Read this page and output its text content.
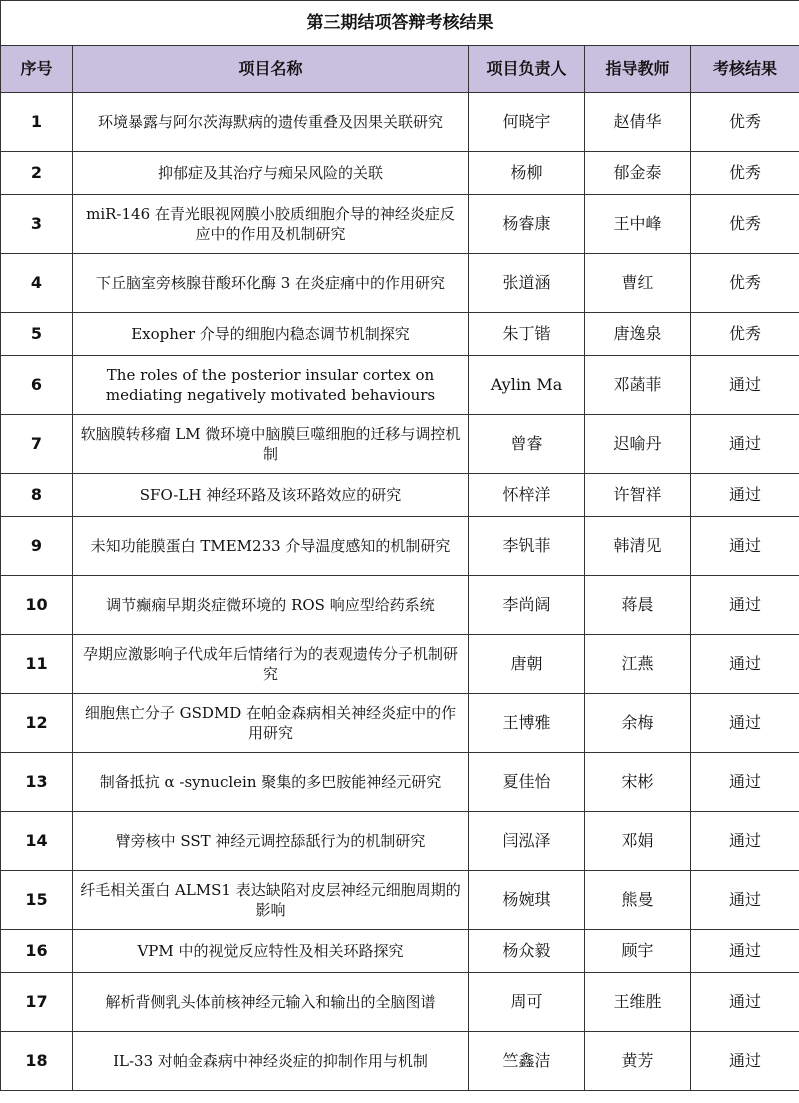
第三期结项答辩考核结果				
序号	项目名称	项目负责人	指导教师	考核结果
1	环境暴露与阿尔茨海默病的遗传重叠及因果关联研究	何晓宇	赵倩华	优秀
2	抑郁症及其治疗与痴呆风险的关联	杨柳	郁金泰	优秀
3	miR-146 在青光眼视网膜小胶质细胞介导的神经炎症反应中的作用及机制研究	杨睿康	王中峰	优秀
4	下丘脑室旁核腺苷酸环化酶 3 在炎症痛中的作用研究	张道涵	曹红	优秀
5	Exopher 介导的细胞内稳态调节机制探究	朱丁锴	唐逸泉	优秀
6	The roles of the posterior insular cortex on mediating negatively motivated behaviours	Aylin Ma	邓菡菲	通过
7	软脑膜转移瘤 LM 微环境中脑膜巨噬细胞的迁移与调控机制	曾睿	迟喻丹	通过
8	SFO-LH 神经环路及该环路效应的研究	怀梓洋	许智祥	通过
9	未知功能膜蛋白 TMEM233 介导温度感知的机制研究	李钒菲	韩清见	通过
10	调节癫痫早期炎症微环境的 ROS 响应型给药系统	李尚阔	蒋晨	通过
11	孕期应激影响子代成年后情绪行为的表观遗传分子机制研究	唐朝	江燕	通过
12	细胞焦亡分子 GSDMD 在帕金森病相关神经炎症中的作用研究	王博雅	余梅	通过
13	制备抵抗 α -synuclein 聚集的多巴胺能神经元研究	夏佳怡	宋彬	通过
14	臂旁核中 SST 神经元调控舔舐行为的机制研究	闫泓泽	邓娟	通过
15	纤毛相关蛋白 ALMS1 表达缺陷对皮层神经元细胞周期的影响	杨婉琪	熊曼	通过
16	VPM 中的视觉反应特性及相关环路探究	杨众毅	顾宇	通过
17	解析背侧乳头体前核神经元输入和输出的全脑图谱	周可	王维胜	通过
18	IL-33 对帕金森病中神经炎症的抑制作用与机制	竺鑫洁	黄芳	通过
